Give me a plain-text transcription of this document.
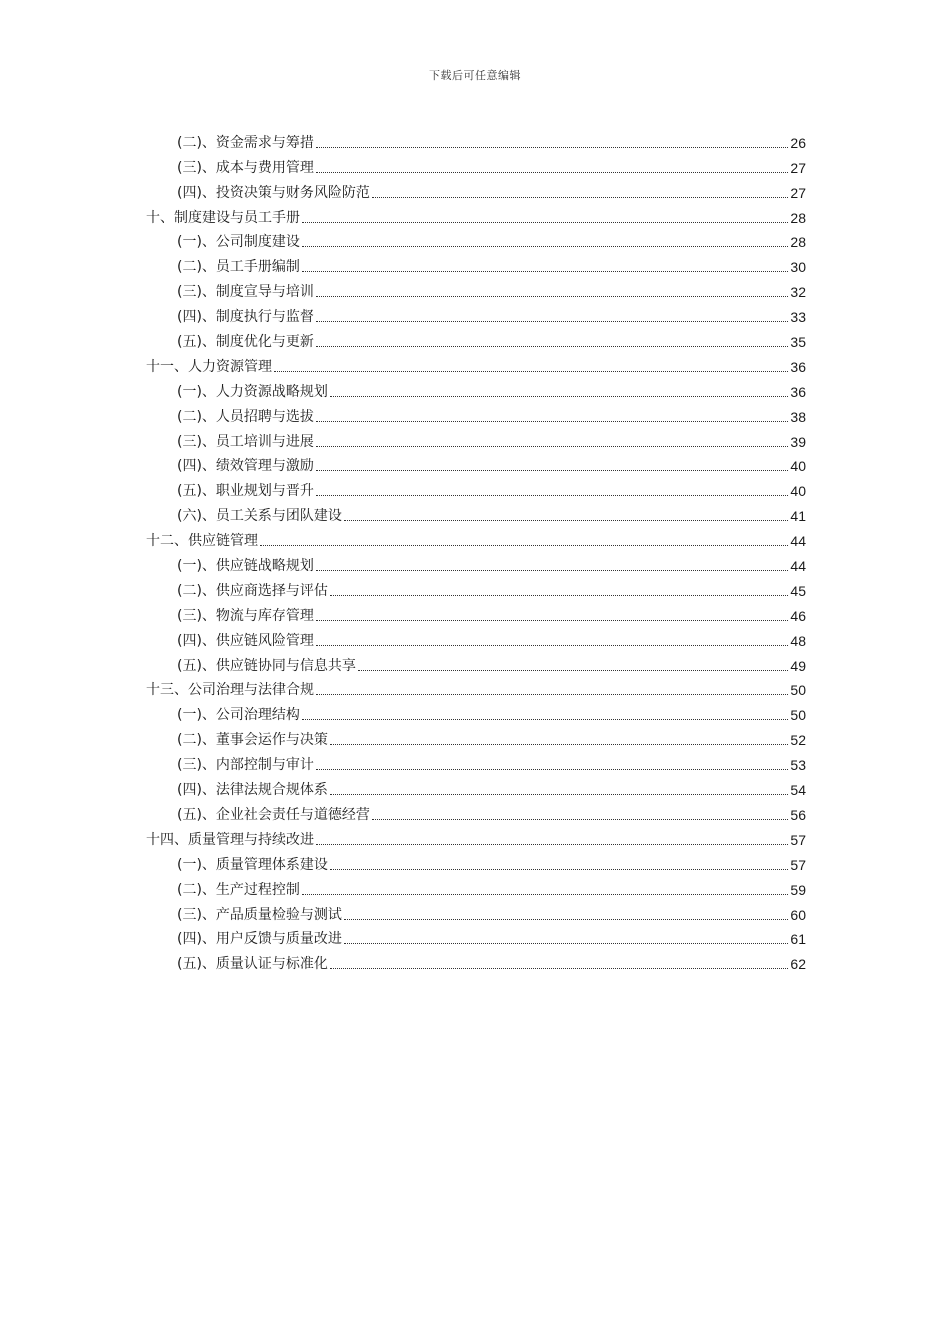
下载后可任意编辑
(二)、资金需求与筹措	26
(三)、成本与费用管理	27
(四)、投资决策与财务风险防范	27
十、制度建设与员工手册	28
(一)、公司制度建设	28
(二)、员工手册编制	30
(三)、制度宣导与培训	32
(四)、制度执行与监督	33
(五)、制度优化与更新	35
十一、人力资源管理	36
(一)、人力资源战略规划	36
(二)、人员招聘与选拔	38
(三)、员工培训与进展	39
(四)、绩效管理与激励	40
(五)、职业规划与晋升	40
(六)、员工关系与团队建设	41
十二、供应链管理	44
(一)、供应链战略规划	44
(二)、供应商选择与评估	45
(三)、物流与库存管理	46
(四)、供应链风险管理	48
(五)、供应链协同与信息共享	49
十三、公司治理与法律合规	50
(一)、公司治理结构	50
(二)、董事会运作与决策	52
(三)、内部控制与审计	53
(四)、法律法规合规体系	54
(五)、企业社会责任与道德经营	56
十四、质量管理与持续改进	57
(一)、质量管理体系建设	57
(二)、生产过程控制	59
(三)、产品质量检验与测试	60
(四)、用户反馈与质量改进	61
(五)、质量认证与标准化	62
